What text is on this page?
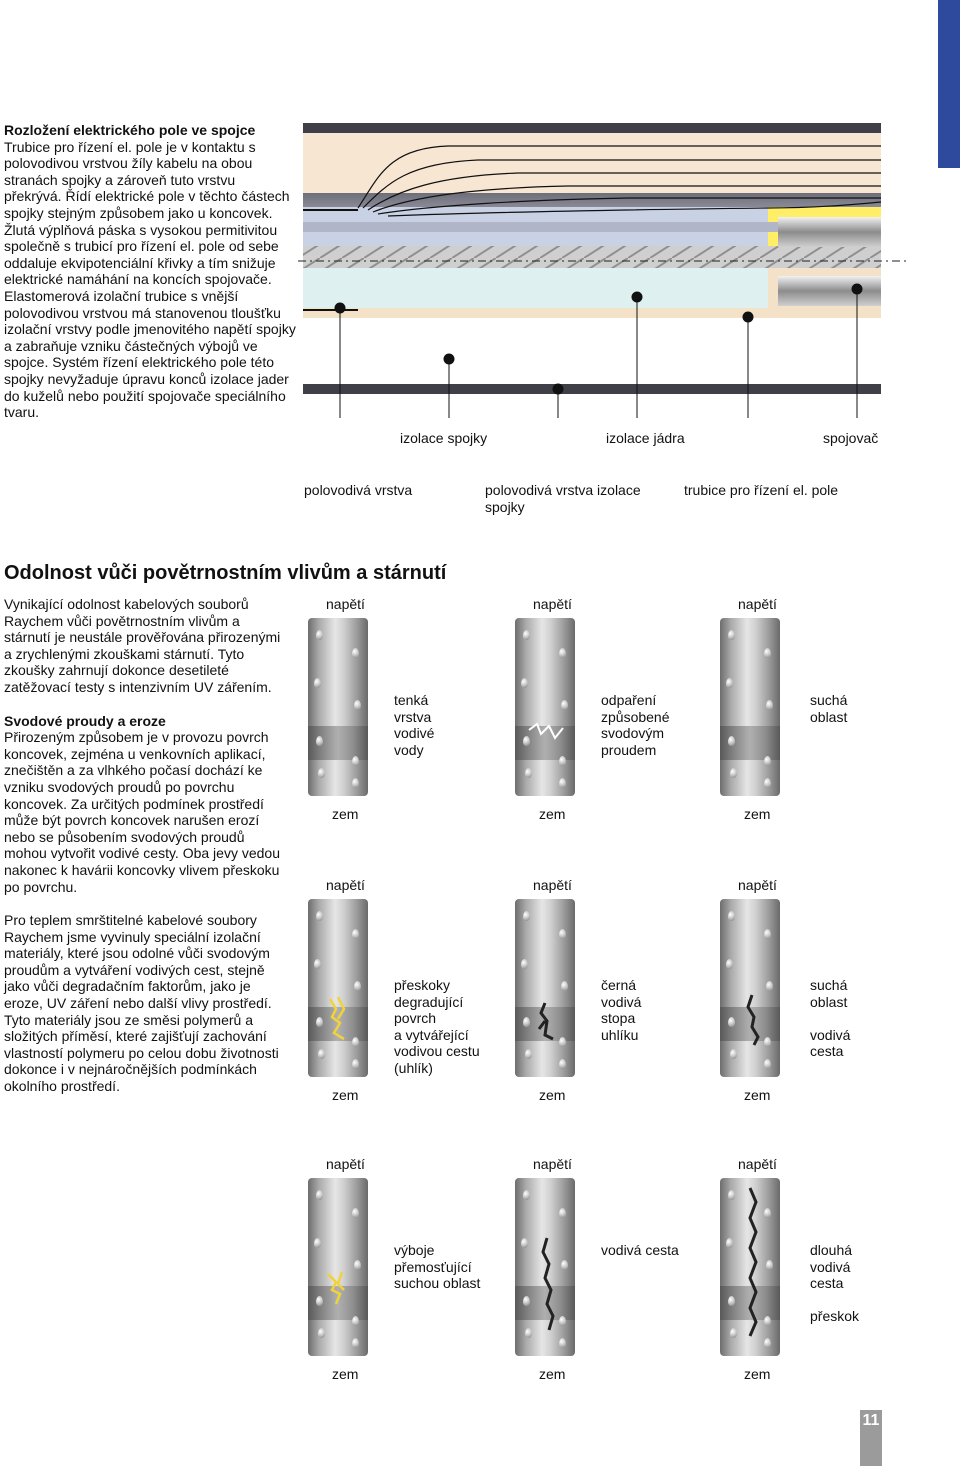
Rozložení elektrického pole ve spojce
Trubice pro řízení el. pole je v kontaktu s polovodivou vrstvou žíly kabelu na obou stranách spojky a zároveň tuto vrstvu překrývá. Řídí elektrické pole v těchto částech spojky stejným způsobem jako u koncovek. Žlutá výplňová páska s vysokou permitivitou společně s trubicí pro řízení el. pole od sebe oddaluje ekvipotenciální křivky a tím snižuje elektrické namáhání na koncích spojovače. Elastomerová izolační trubice s vnější polovodivou vrstvou má stanovenou tloušťku izolační vrstvy podle jmenovitého napětí spojky a zabraňuje vzniku částečných výbojů ve spojce. Systém řízení elektrického pole této spojky nevyžaduje úpravu konců izolace jader do kuželů nebo použití spojovače speciálního tvaru.
izolace spojky	izolace jádra	spojovač
polovodivá vrstva	polovodivá vrstva izolace spojky
trubice pro řízení el. pole
Odolnost vůči povětrnostním vlivům a stárnutí

Vynikající odolnost kabelových souborů Raychem vůči povětrnostním vlivům a stárnutí je neustále prověřována přirozenými a zrychlenými zkouškami stárnutí. Tyto zkoušky zahrnují dokonce desetileté zatěžovací testy s intenzivním UV zářením.

Svodové proudy a eroze

Přirozeným způsobem je v provozu povrch koncovek, zejména u venkovních aplikací, znečištěn a za vlhkého počasí dochází ke vzniku svodových proudů po povrchu koncovek. Za určitých podmínek prostředí může být povrch koncovek narušen erozí nebo se působením svodových proudů mohou vytvořit vodivé cesty. Oba jevy vedou nakonec k havárii koncovky vlivem přeskoku po povrchu.

Pro teplem smrštitelné kabelové soubory Raychem jsme vyvinuly speciální izolační materiály, které jsou odolné vůči svodovým proudům a vytváření vodivých cest, stejně jako vůči degradačním faktorům, jako je eroze, UV záření nebo další vlivy prostředí. Tyto materiály jsou ze směsi polymerů a složitých příměsí, které zajišťují zachování vlastností polymeru po celou dobu životnosti dokonce i v nejnáročnějších podmínkách okolního prostředí.

napětí
zem
tenká
vrstva
vodivé
vody
napětí
zem
odpaření
způsobené
svodovým
proudem
napětí
zem
suchá
oblast
napětí
zem
přeskoky
degradující
povrch
a vytvářející
vodivou cestu
(uhlík)
napětí
zem
černá
vodivá
stopa
uhlíku
napětí
zem
suchá
oblast

vodivá
cesta
napětí
zem
výboje
přemosťující
suchou oblast
napětí
zem
vodivá cesta
napětí
zem
dlouhá
vodivá
cesta

přeskok
11
